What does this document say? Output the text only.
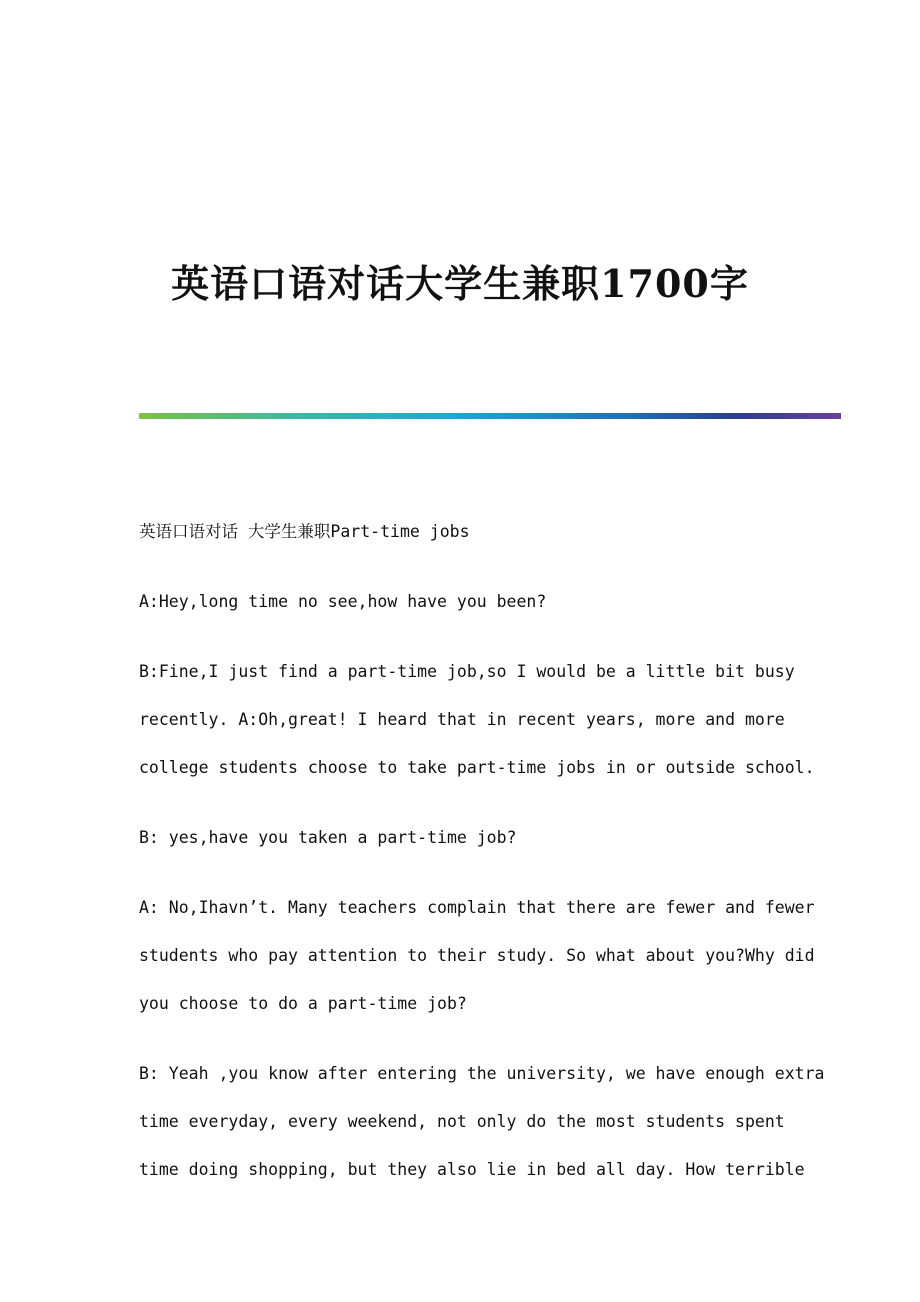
英语口语对话大学生兼职1700字

英语口语对话 大学生兼职Part-time jobs

A:Hey,long time no see,how have you been?

B:Fine,I just find a part-time job,so I would be a little bit busy
recently. A:Oh,great! I heard that in recent years, more and more
college students choose to take part-time jobs in or outside school.

B: yes,have you taken a part-time job?

A: No,Ihavn’t. Many teachers complain that there are fewer and fewer
students who pay attention to their study. So what about you?Why did
you choose to do a part-time job?

B: Yeah ,you know after entering the university, we have enough extra
time everyday, every weekend, not only do the most students spent
time doing shopping, but they also lie in bed all day. How terrible
